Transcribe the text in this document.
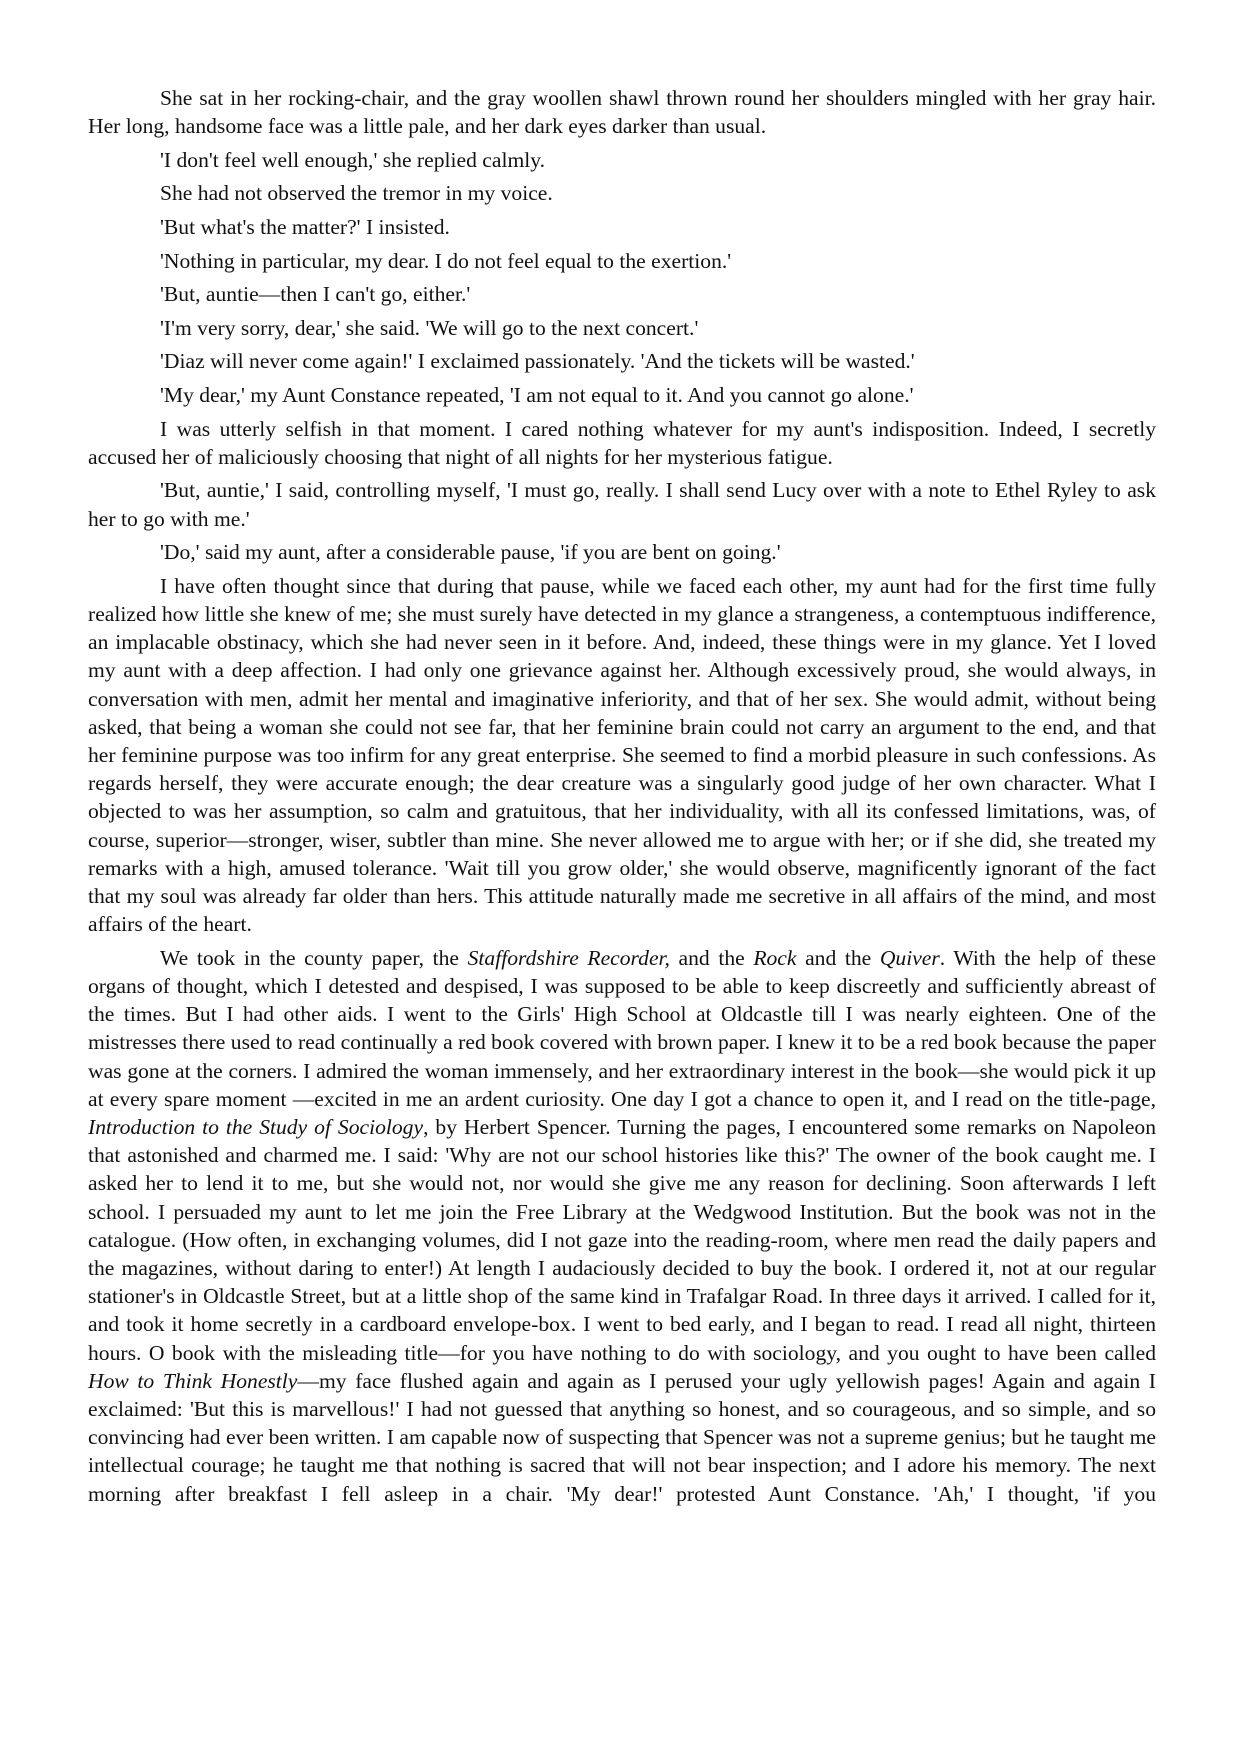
She sat in her rocking-chair, and the gray woollen shawl thrown round her shoulders mingled with her gray hair. Her long, handsome face was a little pale, and her dark eyes darker than usual.

'I don't feel well enough,' she replied calmly.

She had not observed the tremor in my voice.

'But what's the matter?' I insisted.

'Nothing in particular, my dear. I do not feel equal to the exertion.'

'But, auntie—then I can't go, either.'

'I'm very sorry, dear,' she said. 'We will go to the next concert.'

'Diaz will never come again!' I exclaimed passionately. 'And the tickets will be wasted.'

'My dear,' my Aunt Constance repeated, 'I am not equal to it. And you cannot go alone.'

I was utterly selfish in that moment. I cared nothing whatever for my aunt's indisposition. Indeed, I secretly accused her of maliciously choosing that night of all nights for her mysterious fatigue.

'But, auntie,' I said, controlling myself, 'I must go, really. I shall send Lucy over with a note to Ethel Ryley to ask her to go with me.'

'Do,' said my aunt, after a considerable pause, 'if you are bent on going.'

I have often thought since that during that pause, while we faced each other, my aunt had for the first time fully realized how little she knew of me; she must surely have detected in my glance a strangeness, a contemptuous indifference, an implacable obstinacy, which she had never seen in it before. And, indeed, these things were in my glance. Yet I loved my aunt with a deep affection. I had only one grievance against her. Although excessively proud, she would always, in conversation with men, admit her mental and imaginative inferiority, and that of her sex. She would admit, without being asked, that being a woman she could not see far, that her feminine brain could not carry an argument to the end, and that her feminine purpose was too infirm for any great enterprise. She seemed to find a morbid pleasure in such confessions. As regards herself, they were accurate enough; the dear creature was a singularly good judge of her own character. What I objected to was her assumption, so calm and gratuitous, that her individuality, with all its confessed limitations, was, of course, superior—stronger, wiser, subtler than mine. She never allowed me to argue with her; or if she did, she treated my remarks with a high, amused tolerance. 'Wait till you grow older,' she would observe, magnificently ignorant of the fact that my soul was already far older than hers. This attitude naturally made me secretive in all affairs of the mind, and most affairs of the heart.

We took in the county paper, the Staffordshire Recorder, and the Rock and the Quiver. With the help of these organs of thought, which I detested and despised, I was supposed to be able to keep discreetly and sufficiently abreast of the times. But I had other aids. I went to the Girls' High School at Oldcastle till I was nearly eighteen. One of the mistresses there used to read continually a red book covered with brown paper. I knew it to be a red book because the paper was gone at the corners. I admired the woman immensely, and her extraordinary interest in the book—she would pick it up at every spare moment —excited in me an ardent curiosity. One day I got a chance to open it, and I read on the title-page, Introduction to the Study of Sociology, by Herbert Spencer. Turning the pages, I encountered some remarks on Napoleon that astonished and charmed me. I said: 'Why are not our school histories like this?' The owner of the book caught me. I asked her to lend it to me, but she would not, nor would she give me any reason for declining. Soon afterwards I left school. I persuaded my aunt to let me join the Free Library at the Wedgwood Institution. But the book was not in the catalogue. (How often, in exchanging volumes, did I not gaze into the reading-room, where men read the daily papers and the magazines, without daring to enter!) At length I audaciously decided to buy the book. I ordered it, not at our regular stationer's in Oldcastle Street, but at a little shop of the same kind in Trafalgar Road. In three days it arrived. I called for it, and took it home secretly in a cardboard envelope-box. I went to bed early, and I began to read. I read all night, thirteen hours. O book with the misleading title—for you have nothing to do with sociology, and you ought to have been called How to Think Honestly—my face flushed again and again as I perused your ugly yellowish pages! Again and again I exclaimed: 'But this is marvellous!' I had not guessed that anything so honest, and so courageous, and so simple, and so convincing had ever been written. I am capable now of suspecting that Spencer was not a supreme genius; but he taught me intellectual courage; he taught me that nothing is sacred that will not bear inspection; and I adore his memory. The next morning after breakfast I fell asleep in a chair. 'My dear!' protested Aunt Constance. 'Ah,' I thought, 'if you
